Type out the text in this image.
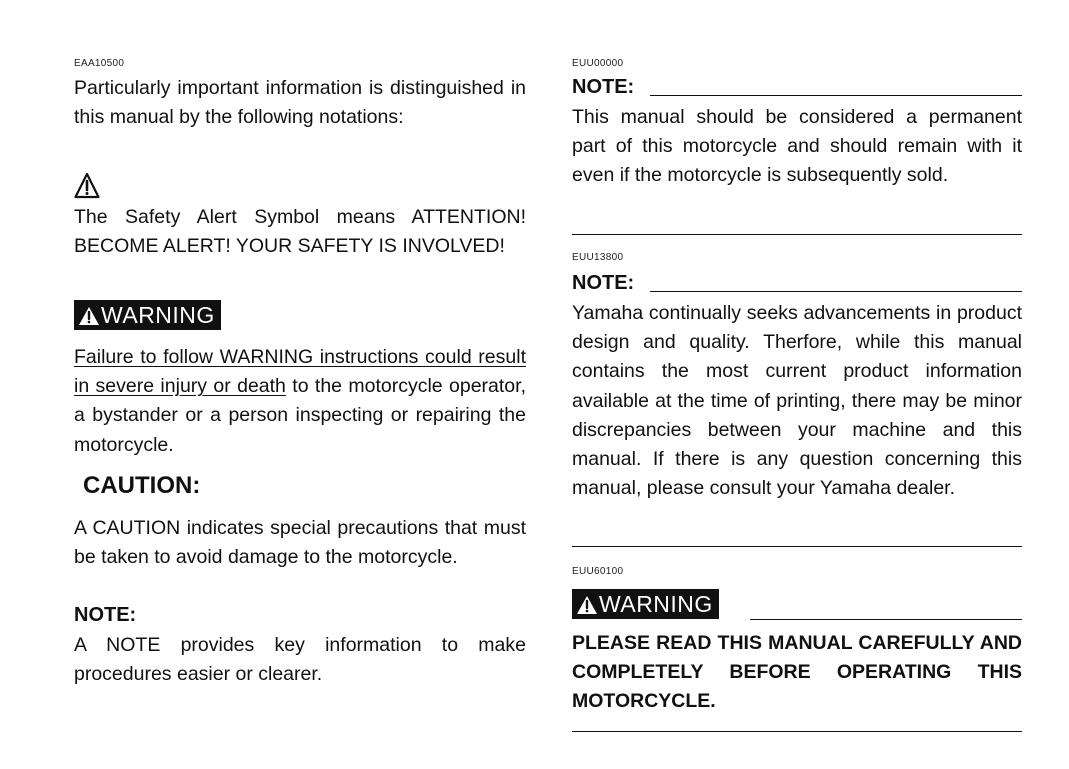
EAA10500

Particularly important information is distinguished in this manual by the following notations:

The Safety Alert Symbol means ATTENTION! BECOME ALERT! YOUR SAFETY IS INVOLVED!

WARNING

Failure to follow WARNING instructions could result in severe injury or death to the motorcycle operator, a bystander or a person inspecting or repairing the motorcycle.

CAUTION:

A CAUTION indicates special precautions that must be taken to avoid damage to the motorcycle.

NOTE:

A NOTE provides key information to make procedures easier or clearer.

EUU00000
NOTE:

This manual should be considered a permanent part of this motorcycle and should remain with it even if the motorcycle is subsequently sold.

EUU13800
NOTE:

Yamaha continually seeks advancements in product design and quality. Therfore, while this manual contains the most current product information available at the time of printing, there may be minor discrepancies between your machine and this manual. If there is any question concerning this manual, please consult your Yamaha dealer.

EUU60100
WARNING

PLEASE READ THIS MANUAL CAREFULLY AND COMPLETELY BEFORE OPERATING THIS MOTORCYCLE.
